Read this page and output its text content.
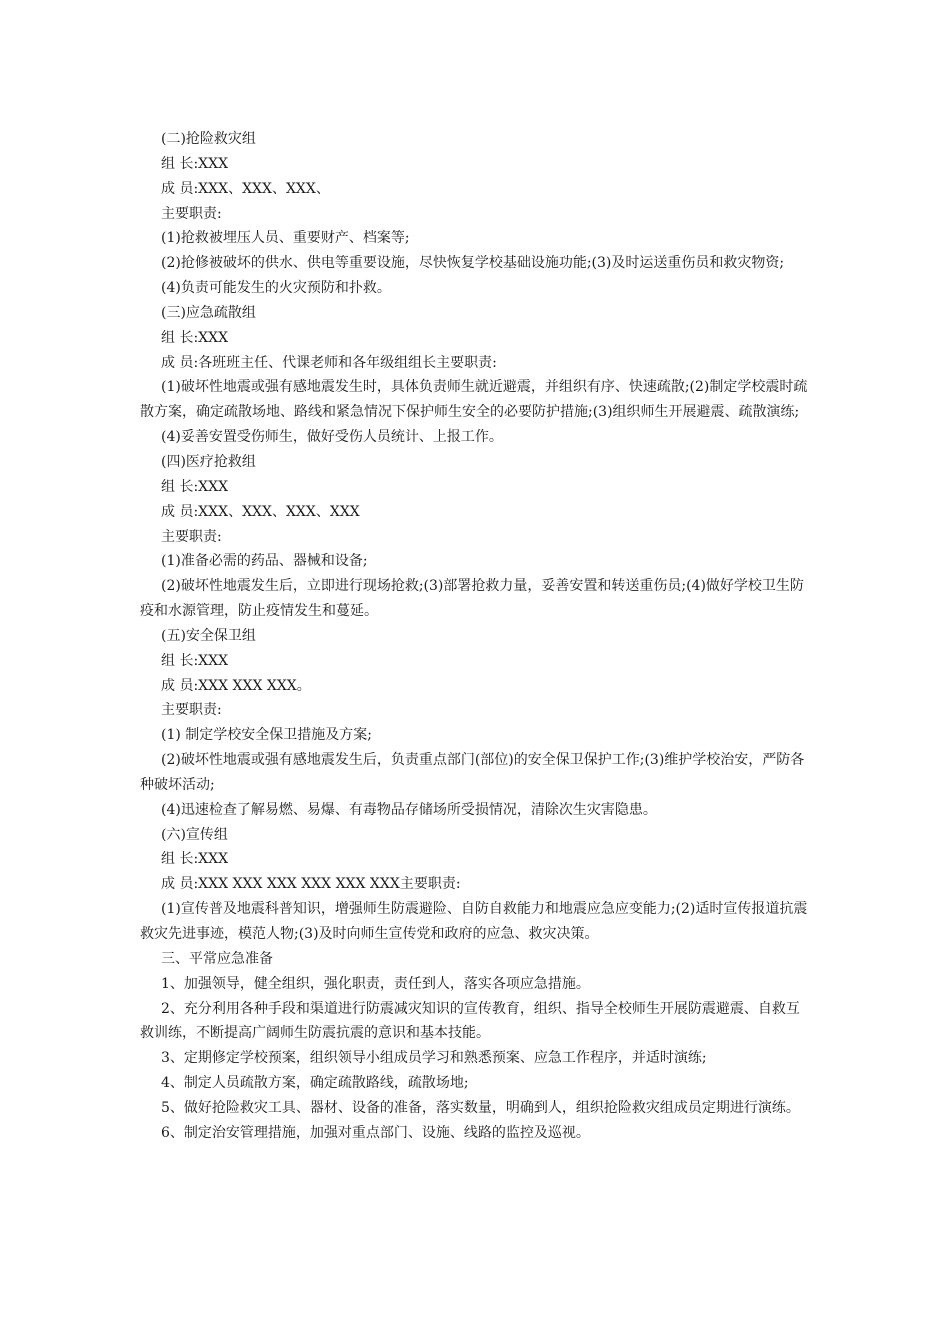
(二)抢险救灾组

组 长:XXX

成 员:XXX、XXX、XXX、

主要职责:

(1)抢救被埋压人员、重要财产、档案等;

(2)抢修被破坏的供水、供电等重要设施，尽快恢复学校基础设施功能;(3)及时运送重伤员和救灾物资;

(4)负责可能发生的火灾预防和扑救。

(三)应急疏散组

组 长:XXX

成 员:各班班主任、代课老师和各年级组组长主要职责:

(1)破坏性地震或强有感地震发生时，具体负责师生就近避震，并组织有序、快速疏散;(2)制定学校震时疏散方案，确定疏散场地、路线和紧急情况下保护师生安全的必要防护措施;(3)组织师生开展避震、疏散演练;

(4)妥善安置受伤师生，做好受伤人员统计、上报工作。

(四)医疗抢救组

组 长:XXX

成 员:XXX、XXX、XXX、XXX

主要职责:

(1)准备必需的药品、器械和设备;

(2)破坏性地震发生后，立即进行现场抢救;(3)部署抢救力量，妥善安置和转送重伤员;(4)做好学校卫生防疫和水源管理，防止疫情发生和蔓延。

(五)安全保卫组

组 长:XXX

成 员:XXX XXX XXX。

主要职责:

(1) 制定学校安全保卫措施及方案;

(2)破坏性地震或强有感地震发生后，负责重点部门(部位)的安全保卫保护工作;(3)维护学校治安，严防各种破坏活动;

(4)迅速检查了解易燃、易爆、有毒物品存储场所受损情况，清除次生灾害隐患。

(六)宣传组

组 长:XXX

成 员:XXX XXX XXX XXX XXX XXX主要职责:

(1)宣传普及地震科普知识，增强师生防震避险、自防自救能力和地震应急应变能力;(2)适时宣传报道抗震救灾先进事迹，模范人物;(3)及时向师生宣传党和政府的应急、救灾决策。

三、平常应急准备

1、加强领导，健全组织，强化职责，责任到人，落实各项应急措施。

2、充分利用各种手段和渠道进行防震减灾知识的宣传教育，组织、指导全校师生开展防震避震、自救互救训练，不断提高广阔师生防震抗震的意识和基本技能。

3、定期修定学校预案，组织领导小组成员学习和熟悉预案、应急工作程序，并适时演练;

4、制定人员疏散方案，确定疏散路线，疏散场地;

5、做好抢险救灾工具、器材、设备的准备，落实数量，明确到人，组织抢险救灾组成员定期进行演练。

6、制定治安管理措施，加强对重点部门、设施、线路的监控及巡视。
